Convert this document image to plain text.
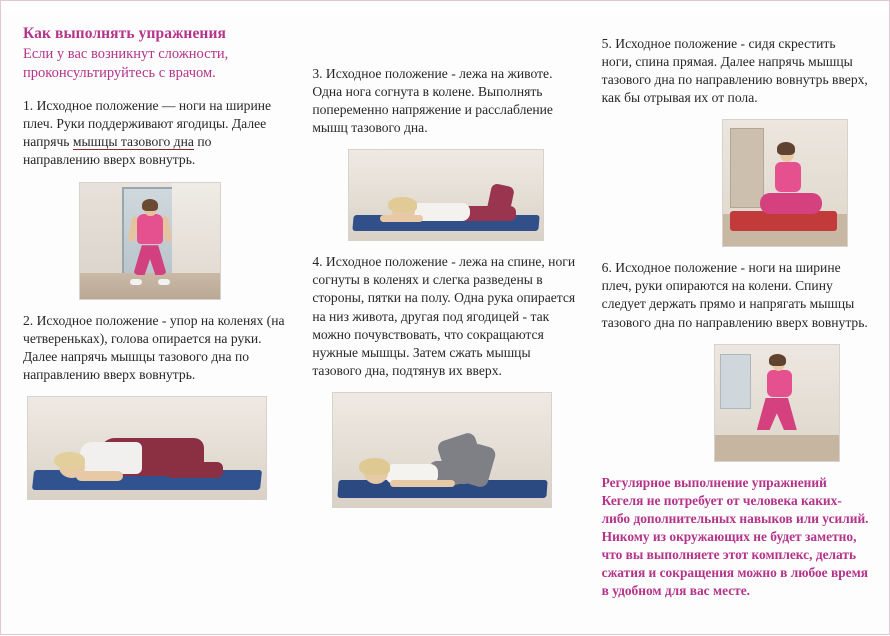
Как выполнять упражнения
Если у вас возникнут сложности, проконсультируйтесь с врачом.

1. Исходное положение — ноги на ширине плеч. Руки поддерживают ягодицы. Далее напрячь мышцы тазового дна по направлению вверх вовнутрь.

2. Исходное положение - упор на коленях (на четвереньках), голова опирается на руки. Далее напрячь мышцы тазового дна по направлению вверх вовнутрь.

3. Исходное положение - лежа на животе. Одна нога согнута в колене. Выполнять попеременно напряжение и расслабление мышц тазового дна.

4. Исходное положение - лежа на спине, ноги согнуты в коленях и слегка разведены в стороны, пятки на полу. Одна рука опирается на низ живота, другая под ягодицей - так можно почувствовать, что сокращаются нужные мышцы. Затем сжать мышцы тазового дна, подтянув их вверх.

5. Исходное положение - сидя скрестить ноги, спина прямая. Далее напрячь мышцы тазового дна по направлению вовнутрь вверх, как бы отрывая их от пола.

6. Исходное положение - ноги на ширине плеч, руки опираются на колени. Спину следует держать прямо и напрягать мышцы тазового дна по направлению вверх вовнутрь.

Регулярное выполнение упражнений Кегеля не потребует от человека каких-либо дополнительных навыков или усилий. Никому из окружающих не будет заметно, что вы выполняете этот комплекс, делать сжатия и сокращения можно в любое время в удобном для вас месте.
